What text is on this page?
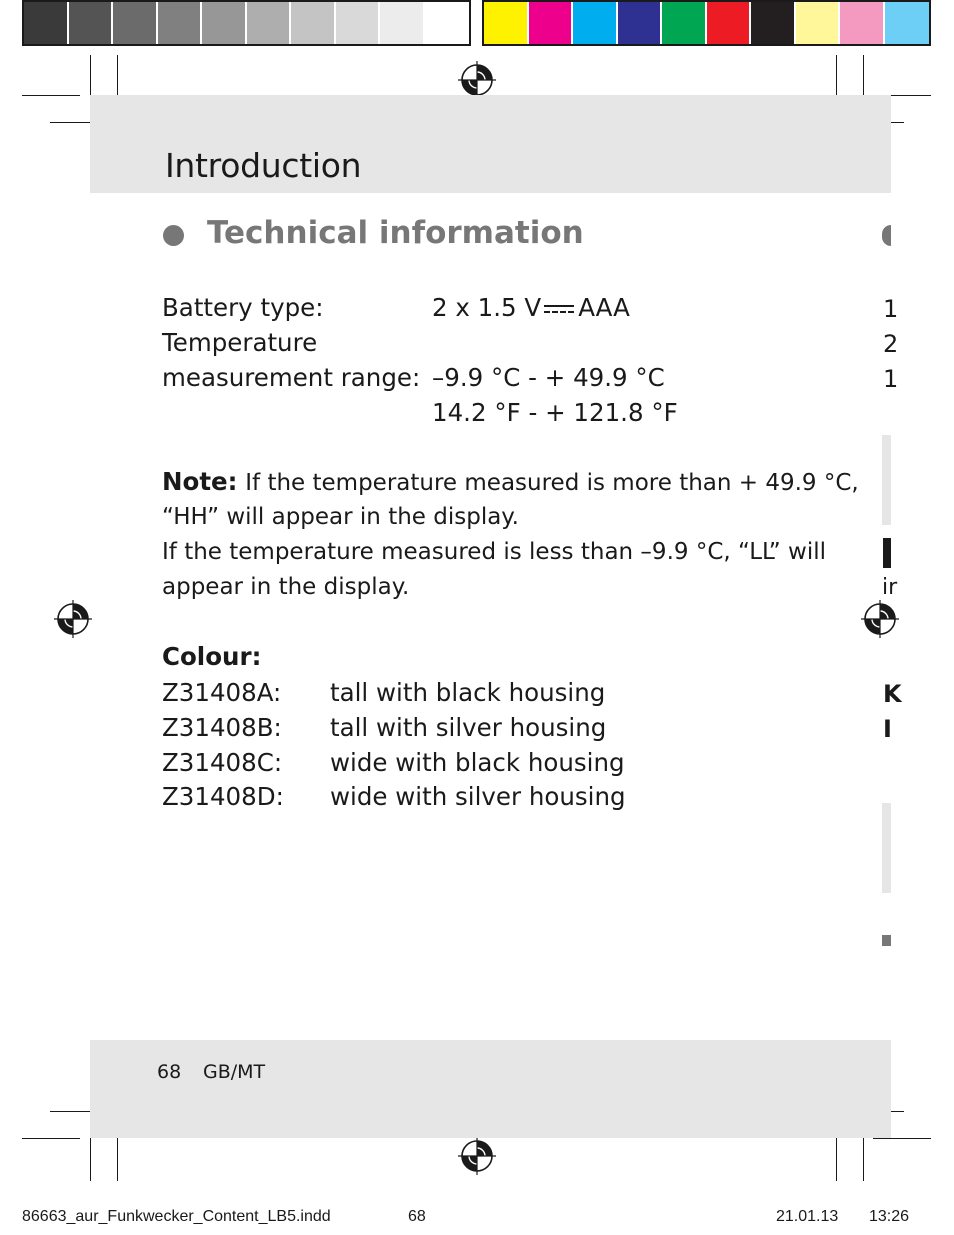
Introduction
Technical information
Battery type:	2 x 1.5 V AAA
Temperature
measurement range: –9.9 °C - + 49.9 °C
14.2 °F - + 121.8 °F
Note: If the temperature measured is more than + 49.9 °C,
“HH” will appear in the display.
If the temperature measured is less than –9.9 °C, “LL” will
appear in the display.
Colour:
Z31408A: tall with black housing
Z31408B: tall with silver housing
Z31408C: wide with black housing
Z31408D: wide with silver housing
1
2
1
ir
K
I
68 GB/MT
86663_aur_Funkwecker_Content_LB5.indd	68	21.01.13 13:26
